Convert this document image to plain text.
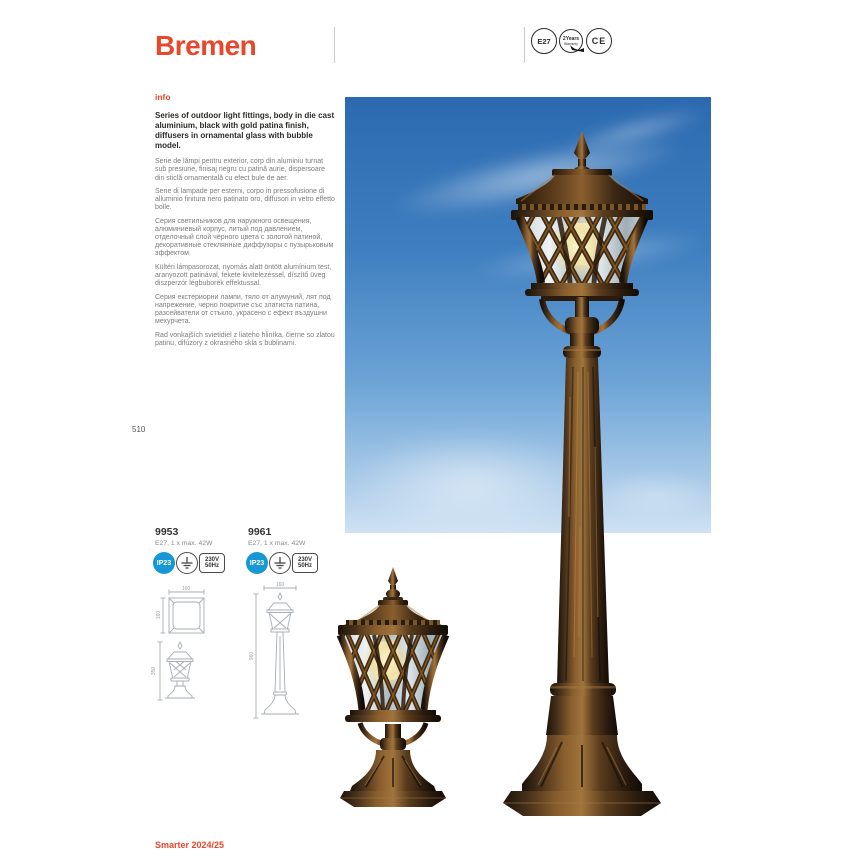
Bremen	E27 2Years
Warranty CE
info

Series of outdoor light fittings, body in die cast aluminium, black with gold patina finish, diffusers in ornamental glass with bubble model.

Serie de lămpi pentru exterior, corp din aluminiu turnat sub presiune, finisaj negru cu patină aurie, dispersoare din sticlă ornamentală cu efect bule de aer.

Serie di lampade per esterni, corpo in pressofusione di alluminio finitura nero patinato oro, diffusori in vetro effetto bolle.

Серия светильников для наружного освещения, алюминиевый корпус, литый под давлением, отделочный слой чёрного цвета с золотой патиной, декоративные стеклянные диффузоры с пузырьковым эффектом.

Kültéri lámpasorozat, nyomás alatt öntött alumínium test, aranyozott patinával, fekete kivitelezéssel, díszítő üveg diszperzór légbuborék effektussal.

Серия екстериорни лампи, тяло от алумуний, лят под напрежение, черно покритие със златиста патина, разсейватели от стъкло, украсено с ефект въздушни мехурчета.

Rad vonkajších svietidiel z liateho hliníka, čierne so zlatou patinu, difúzory z okrasného skla s bublinami.

510
9953
E27, 1 x max. 42W
IP23	230V
50Hz
160
160
350
9961
E27, 1 x max. 42W
IP23	230V
50Hz
160
960
Smarter 2024/25
